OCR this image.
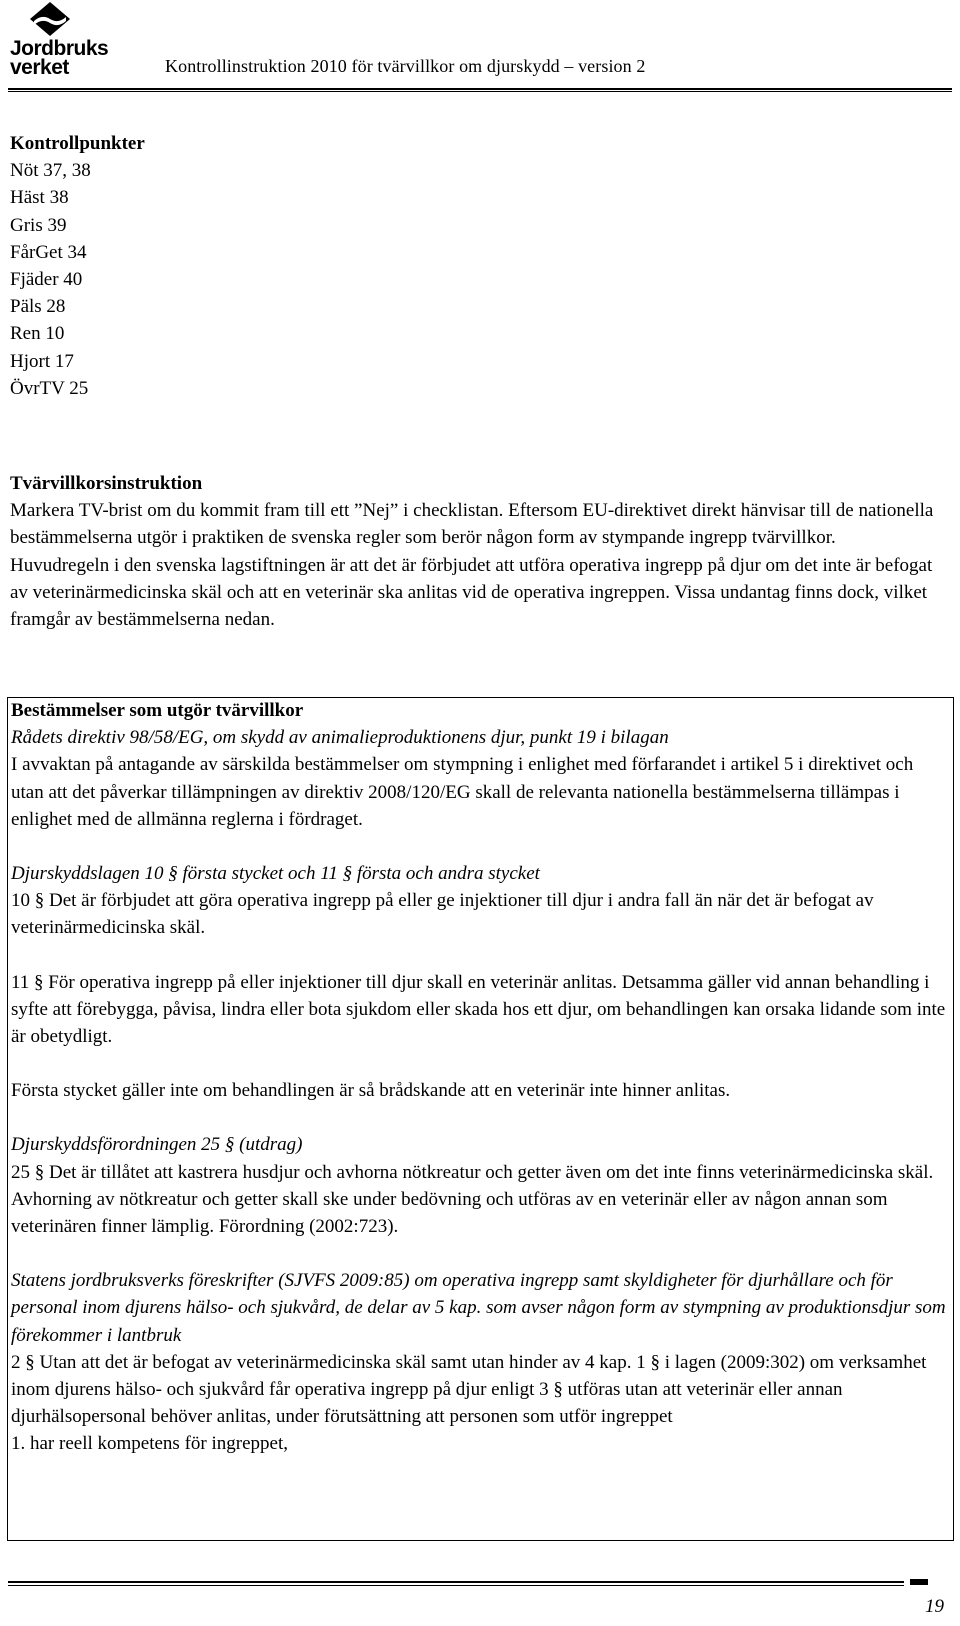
Jordbruks
verket	Kontrollinstruktion 2010 för tvärvillkor om djurskydd – version 2
Kontrollpunkter
Nöt 37, 38
Häst 38
Gris 39
FårGet 34
Fjäder 40
Päls 28
Ren 10
Hjort 17
ÖvrTV 25
Tvärvillkorsinstruktion

Markera TV-brist om du kommit fram till ett ”Nej” i checklistan. Eftersom EU-direktivet direkt hänvisar till de nationella bestämmelserna utgör i praktiken de svenska regler som berör någon form av stympande ingrepp tvärvillkor. Huvudregeln i den svenska lagstiftningen är att det är förbjudet att utföra operativa ingrepp på djur om det inte är befogat av veterinärmedicinska skäl och att en veterinär ska anlitas vid de operativa ingreppen. Vissa undantag finns dock, vilket framgår av bestämmelserna nedan.

Bestämmelser som utgör tvärvillkor
Rådets direktiv 98/58/EG, om skydd av animalieproduktionens djur, punkt 19 i bilagan

I avvaktan på antagande av särskilda bestämmelser om stympning i enlighet med förfarandet i artikel 5 i direktivet och utan att det påverkar tillämpningen av direktiv 2008/120/EG skall de relevanta nationella bestämmelserna tillämpas i enlighet med de allmänna reglerna i fördraget.

Djurskyddslagen 10 § första stycket och 11 § första och andra stycket

10 § Det är förbjudet att göra operativa ingrepp på eller ge injektioner till djur i andra fall än när det är befogat av veterinärmedicinska skäl.

11 § För operativa ingrepp på eller injektioner till djur skall en veterinär anlitas. Detsamma gäller vid annan behandling i syfte att förebygga, påvisa, lindra eller bota sjukdom eller skada hos ett djur, om behandlingen kan orsaka lidande som inte är obetydligt.

Första stycket gäller inte om behandlingen är så brådskande att en veterinär inte hinner anlitas.

Djurskyddsförordningen 25 § (utdrag)

25 § Det är tillåtet att kastrera husdjur och avhorna nötkreatur och getter även om det inte finns veterinärmedicinska skäl. Avhorning av nötkreatur och getter skall ske under bedövning och utföras av en veterinär eller av någon annan som veterinären finner lämplig. Förordning (2002:723).

Statens jordbruksverks föreskrifter (SJVFS 2009:85) om operativa ingrepp samt skyldigheter för djurhållare och för personal inom djurens hälso- och sjukvård, de delar av 5 kap. som avser någon form av stympning av produktionsdjur som förekommer i lantbruk

2 § Utan att det är befogat av veterinärmedicinska skäl samt utan hinder av 4 kap. 1 § i lagen (2009:302) om verksamhet inom djurens hälso- och sjukvård får operativa ingrepp på djur enligt 3 § utföras utan att veterinär eller annan djurhälsopersonal behöver anlitas, under förutsättning att personen som utför ingreppet

1. har reell kompetens för ingreppet,
19
